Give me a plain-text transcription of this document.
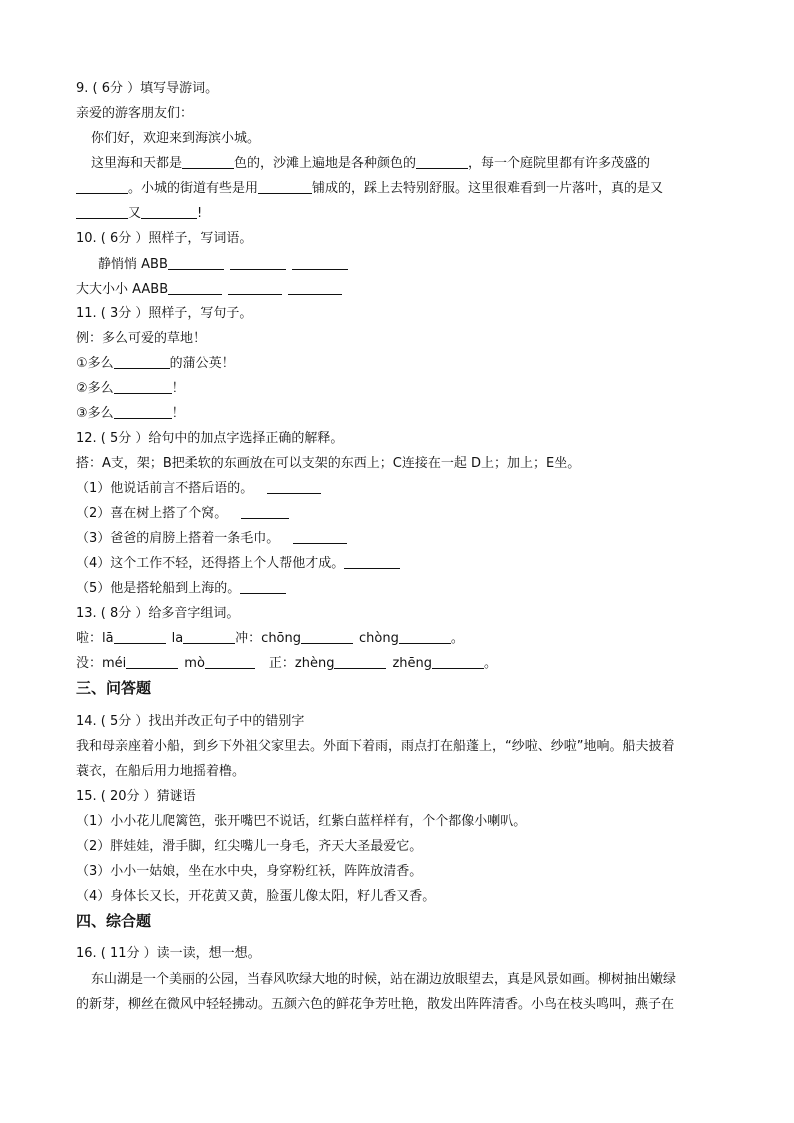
9. ( 6分 ）填写导游词。
亲爱的游客朋友们：
你们好，欢迎来到海滨小城。
这里海和天都是	色的，沙滩上遍地是各种颜色的	，每一个庭院里都有许多茂盛的
。小城的街道有些是用	铺成的，踩上去特别舒服。这里很难看到一片落叶，真的是又
又	!
10. ( 6分 ）照样子，写词语。
静悄悄 ABB
大大小小 AABB
11. ( 3分 ）照样子，写句子。
例：多么可爱的草地！
①多么	的蒲公英！
②多么	！
③多么	！
12. ( 5分 ）给句中的加点字选择正确的解释。
搭：A支，架；B把柔软的东画放在可以支架的东西上；C连接在一起 D上；加上；E坐。
（1）他说话前言不搭后语的。
（2）喜在树上搭了个窝。
（3）爸爸的肩膀上搭着一条毛巾。
（4）这个工作不轻，还得搭上个人帮他才成。
（5）他是搭轮船到上海的。
13. ( 8分 ）给多音字组词。
啦：lā	la	冲：chōng	chòng	。
没：méi	mò	正：zhèng	zhēng	。
三、问答题
14. ( 5分 ）找出并改正句子中的错别字
我和母亲座着小船，到乡下外祖父家里去。外面下着雨，雨点打在船蓬上，“纱啦、纱啦”地响。船夫披着
蓑衣，在船后用力地摇着橹。
15. ( 20分 ）猜谜语
（1）小小花儿爬篱笆，张开嘴巴不说话，红紫白蓝样样有，个个都像小喇叭。
（2）胖娃娃，滑手脚，红尖嘴儿一身毛，齐天大圣最爱它。
（3）小小一姑娘，坐在水中央，身穿粉红袄，阵阵放清香。
（4）身体长又长，开花黄又黄，脸蛋儿像太阳，籽儿香又香。
四、综合题
16. ( 11分 ）读一读，想一想。
东山湖是一个美丽的公园，当春风吹绿大地的时候，站在湖边放眼望去，真是风景如画。柳树抽出嫩绿
的新芽，柳丝在微风中轻轻拂动。五颜六色的鲜花争芳吐艳，散发出阵阵清香。小鸟在枝头鸣叫，燕子在
